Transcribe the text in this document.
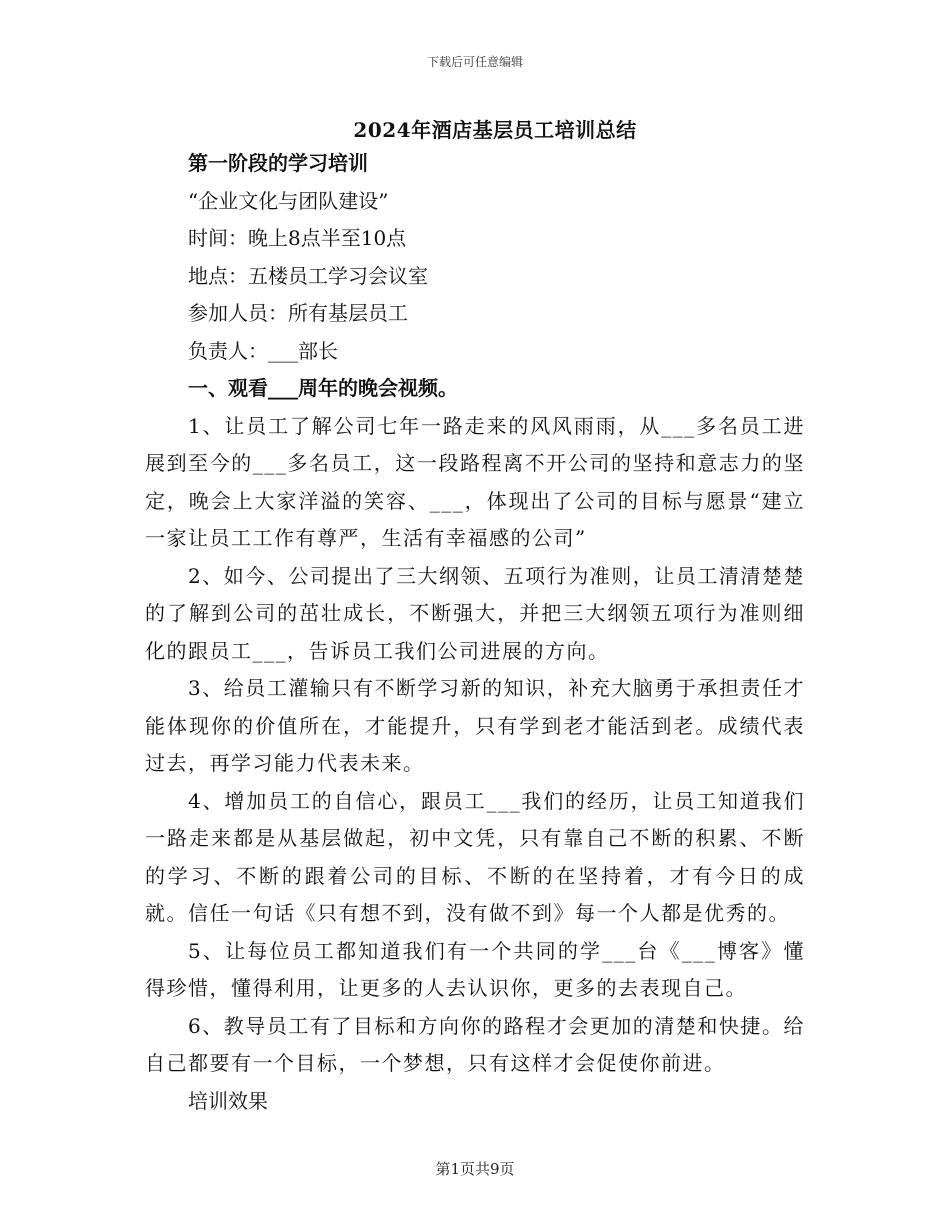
下载后可任意编辑
2024年酒店基层员工培训总结
第一阶段的学习培训
“企业文化与团队建设”
时间：晚上8点半至10点
地点：五楼员工学习会议室
参加人员：所有基层员工
负责人：___部长
一、观看___周年的晚会视频。
1、让员工了解公司七年一路走来的风风雨雨，从___多名员工进展到至今的___多名员工，这一段路程离不开公司的坚持和意志力的坚定，晚会上大家洋溢的笑容、___，体现出了公司的目标与愿景“建立一家让员工工作有尊严，生活有幸福感的公司”
2、如今、公司提出了三大纲领、五项行为准则，让员工清清楚楚的了解到公司的茁壮成长，不断强大，并把三大纲领五项行为准则细化的跟员工___，告诉员工我们公司进展的方向。
3、给员工灌输只有不断学习新的知识，补充大脑勇于承担责任才能体现你的价值所在，才能提升，只有学到老才能活到老。成绩代表过去，再学习能力代表未来。
4、增加员工的自信心，跟员工___我们的经历，让员工知道我们一路走来都是从基层做起，初中文凭，只有靠自己不断的积累、不断的学习、不断的跟着公司的目标、不断的在坚持着，才有今日的成就。信任一句话《只有想不到，没有做不到》每一个人都是优秀的。
5、让每位员工都知道我们有一个共同的学___台《___博客》懂得珍惜，懂得利用，让更多的人去认识你，更多的去表现自己。
6、教导员工有了目标和方向你的路程才会更加的清楚和快捷。给自己都要有一个目标，一个梦想，只有这样才会促使你前进。
培训效果
第1页共9页
